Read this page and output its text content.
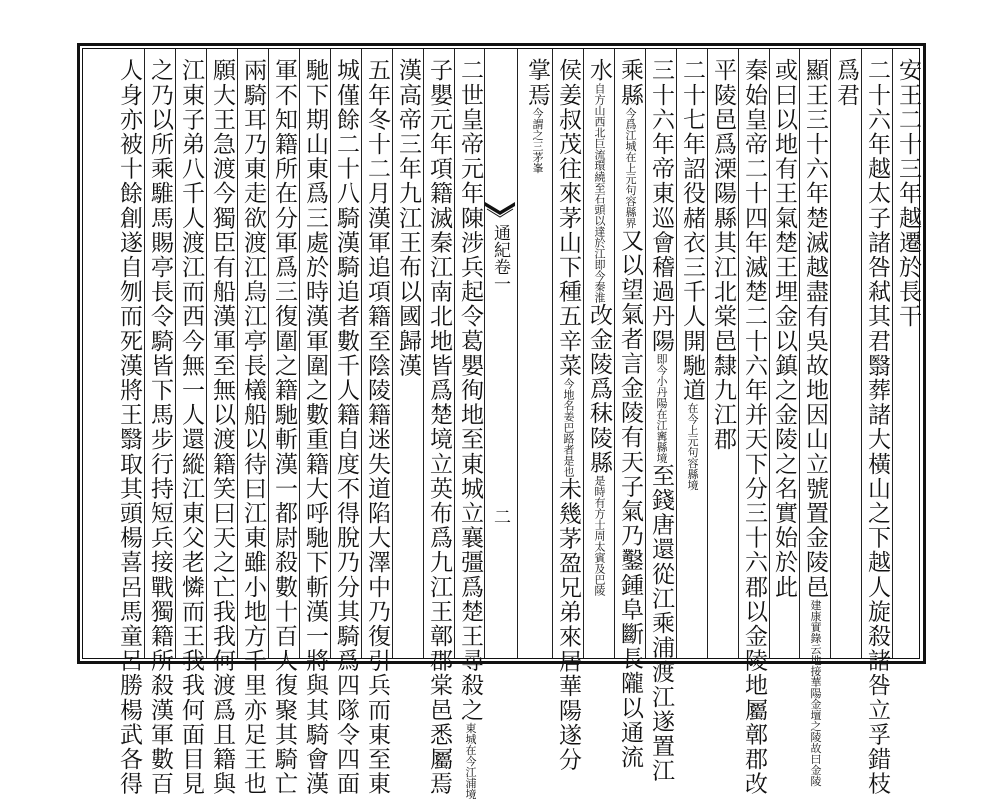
通紀卷一
二
安王二十三年越遷於長干
二十六年越太子諸咎弒其君翳葬諸大橫山之下越人旋殺諸咎立孚錯枝
爲君
顯王三十六年楚滅越盡有吳故地因山立號置金陵邑建康實錄云地接華陽金壇之陵故曰金陵
或曰以地有王氣楚王埋金以鎮之金陵之名實始於此
秦始皇帝二十四年滅楚二十六年并天下分三十六郡以金陵地屬鄣郡改
平陵邑爲溧陽縣其江北棠邑隸九江郡
二十七年詔役赭衣三千人開馳道在今上元句容縣境
三十六年帝東巡會稽過丹陽即今小丹陽在江寗縣境至錢唐還從江乘浦渡江遂置江
乘縣今爲江城在上元句容縣界又以望氣者言金陵有天子氣乃鑿鍾阜斷長隴以通流
水自方山西北巨流環繞至石頭以達於江即今秦淮改金陵爲秣陵縣是時有方士周太賓及巴陵
侯姜叔茂往來茅山下種五辛菜今地名姜巴路者是也未幾茅盈兄弟來居華陽遂分
掌焉今謂之三茅峯
二世皇帝元年陳涉兵起令葛嬰徇地至東城立襄彊爲楚王尋殺之東城在今江浦境
子嬰元年項籍滅秦江南北地皆爲楚境立英布爲九江王鄣郡棠邑悉屬焉
漢高帝三年九江王布以國歸漢
五年冬十二月漢軍追項籍至陰陵籍迷失道陷大澤中乃復引兵而東至東
城僅餘二十八騎漢騎追者數千人籍自度不得脫乃分其騎爲四隊令四面
馳下期山東爲三處於時漢軍圍之數重籍大呼馳下斬漢一將與其騎會漢
軍不知籍所在分軍爲三復圍之籍馳斬漢一都尉殺數十百人復聚其騎亡
兩騎耳乃東走欲渡江烏江亭長檥船以待曰江東雖小地方千里亦足王也
願大王急渡今獨臣有船漢軍至無以渡籍笑曰天之亡我我何渡爲且籍與
江東子弟八千人渡江而西今無一人還縱江東父老憐而王我我何面目見
之乃以所乘騅馬賜亭長令騎皆下馬步行持短兵接戰獨籍所殺漢軍數百
人身亦被十餘創遂自刎而死漢將王翳取其頭楊喜呂馬童呂勝楊武各得
